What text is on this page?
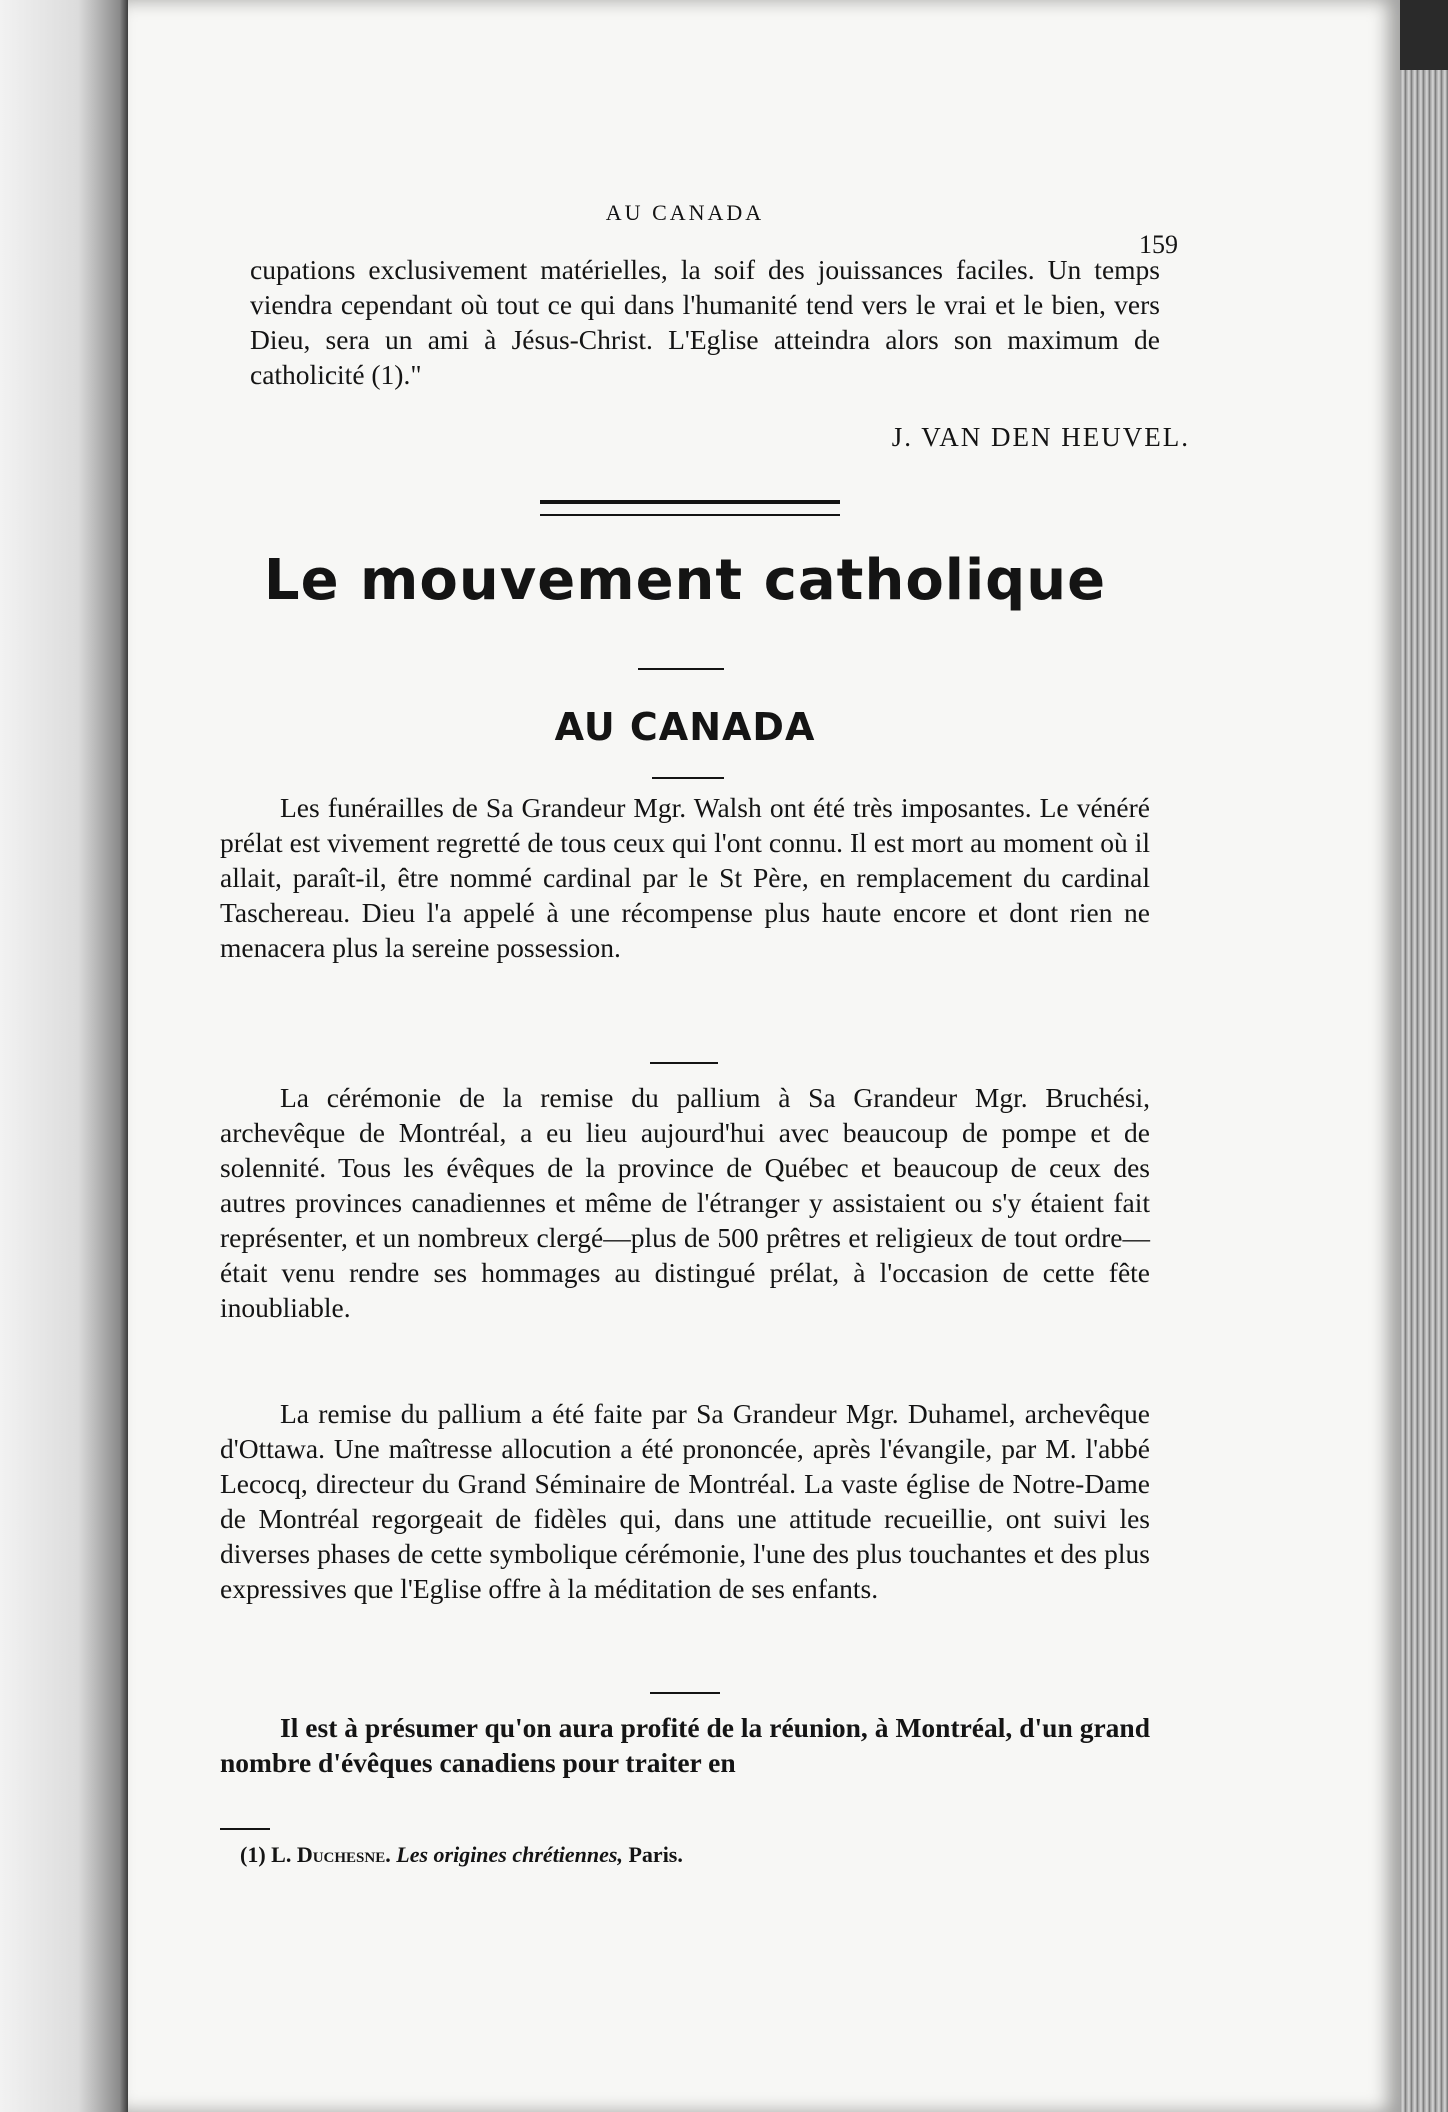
AU CANADA
159

cupations exclusivement matérielles, la soif des jouissances faciles. Un temps viendra cependant où tout ce qui dans l'humanité tend vers le vrai et le bien, vers Dieu, sera un ami à Jésus-Christ. L'Eglise atteindra alors son maximum de catholicité (1)."

J. VAN DEN HEUVEL.
Le mouvement catholique
AU CANADA

Les funérailles de Sa Grandeur Mgr. Walsh ont été très imposantes. Le vénéré prélat est vivement regretté de tous ceux qui l'ont connu. Il est mort au moment où il allait, paraît-il, être nommé cardinal par le St Père, en remplacement du cardinal Taschereau. Dieu l'a appelé à une récompense plus haute encore et dont rien ne menacera plus la sereine possession.

La cérémonie de la remise du pallium à Sa Grandeur Mgr. Bruchési, archevêque de Montréal, a eu lieu aujourd'hui avec beaucoup de pompe et de solennité. Tous les évêques de la province de Québec et beaucoup de ceux des autres provinces canadiennes et même de l'étranger y assistaient ou s'y étaient fait représenter, et un nombreux clergé—plus de 500 prêtres et religieux de tout ordre—était venu rendre ses hommages au distingué prélat, à l'occasion de cette fête inoubliable.

La remise du pallium a été faite par Sa Grandeur Mgr. Duhamel, archevêque d'Ottawa. Une maîtresse allocution a été prononcée, après l'évangile, par M. l'abbé Lecocq, directeur du Grand Séminaire de Montréal. La vaste église de Notre-Dame de Montréal regorgeait de fidèles qui, dans une attitude recueillie, ont suivi les diverses phases de cette symbolique cérémonie, l'une des plus touchantes et des plus expressives que l'Eglise offre à la méditation de ses enfants.

Il est à présumer qu'on aura profité de la réunion, à Montréal, d'un grand nombre d'évêques canadiens pour traiter en

(1) L. Duchesne. Les origines chrétiennes, Paris.
